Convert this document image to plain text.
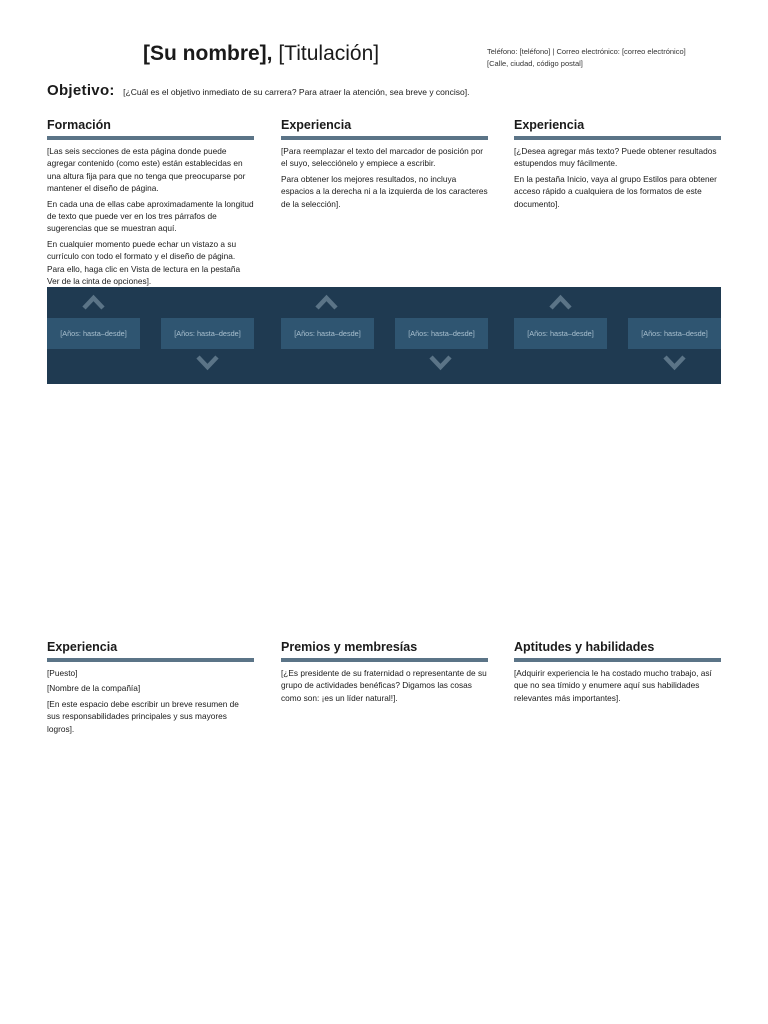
[Su nombre], [Titulación]	Teléfono: [teléfono] | Correo electrónico: [correo electrónico]
[Calle, ciudad, código postal]
Objetivo: [¿Cuál es el objetivo inmediato de su carrera? Para atraer la atención, sea breve y conciso].
Formación

[Las seis secciones de esta página donde puede agregar contenido (como este) están establecidas en una altura fija para que no tenga que preocuparse por mantener el diseño de página.

En cada una de ellas cabe aproximadamente la longitud de texto que puede ver en los tres párrafos de sugerencias que se muestran aquí.

En cualquier momento puede echar un vistazo a su currículo con todo el formato y el diseño de página. Para ello, haga clic en Vista de lectura en la pestaña Ver de la cinta de opciones].

Experiencia

[Para reemplazar el texto del marcador de posición por el suyo, selecciónelo y empiece a escribir.

Para obtener los mejores resultados, no incluya espacios a la derecha ni a la izquierda de los caracteres de la selección].

Experiencia

[¿Desea agregar más texto? Puede obtener resultados estupendos muy fácilmente.

En la pestaña Inicio, vaya al grupo Estilos para obtener acceso rápido a cualquiera de los formatos de este documento].

[Años: hasta–desde]	[Años: hasta–desde]	[Años: hasta–desde]	[Años: hasta–desde]	[Años: hasta–desde]	[Años: hasta–desde]
Experiencia

[Puesto]

[Nombre de la compañía]

[En este espacio debe escribir un breve resumen de sus responsabilidades principales y sus mayores logros].

Premios y membresías

[¿Es presidente de su fraternidad o representante de su grupo de actividades benéficas? Digamos las cosas como son: ¡es un líder natural!].

Aptitudes y habilidades

[Adquirir experiencia le ha costado mucho trabajo, así que no sea tímido y enumere aquí sus habilidades relevantes más importantes].
